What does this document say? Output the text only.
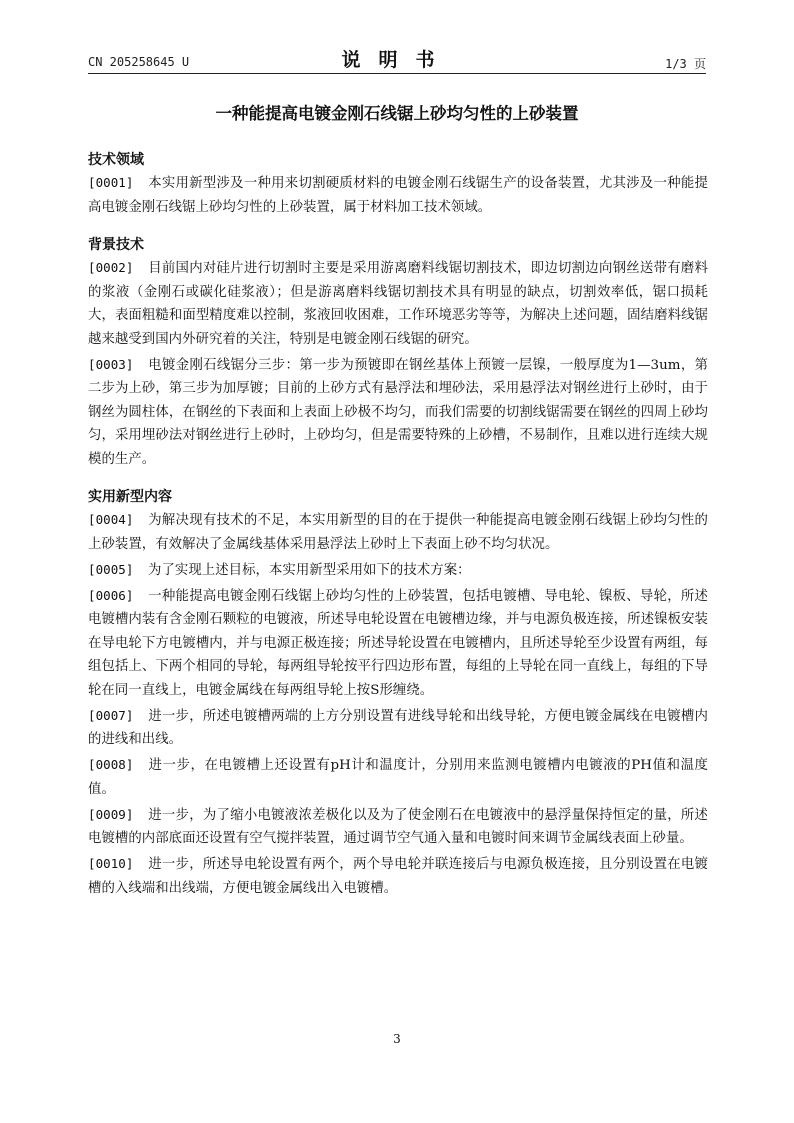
CN 205258645 U	说明书	1/3 页
一种能提高电镀金刚石线锯上砂均匀性的上砂装置
技术领域

[0001] 本实用新型涉及一种用来切割硬质材料的电镀金刚石线锯生产的设备装置，尤其涉及一种能提高电镀金刚石线锯上砂均匀性的上砂装置，属于材料加工技术领域。

背景技术

[0002] 目前国内对硅片进行切割时主要是采用游离磨料线锯切割技术，即边切割边向钢丝送带有磨料的浆液（金刚石或碳化硅浆液）；但是游离磨料线锯切割技术具有明显的缺点，切割效率低，锯口损耗大，表面粗糙和面型精度难以控制，浆液回收困难，工作环境恶劣等等，为解决上述问题，固结磨料线锯越来越受到国内外研究着的关注，特别是电镀金刚石线锯的研究。

[0003] 电镀金刚石线锯分三步：第一步为预镀即在钢丝基体上预镀一层镍，一般厚度为1—3um，第二步为上砂，第三步为加厚镀；目前的上砂方式有悬浮法和埋砂法，采用悬浮法对钢丝进行上砂时，由于钢丝为圆柱体，在钢丝的下表面和上表面上砂极不均匀，而我们需要的切割线锯需要在钢丝的四周上砂均匀，采用埋砂法对钢丝进行上砂时，上砂均匀，但是需要特殊的上砂槽，不易制作，且难以进行连续大规模的生产。

实用新型内容

[0004] 为解决现有技术的不足，本实用新型的目的在于提供一种能提高电镀金刚石线锯上砂均匀性的上砂装置，有效解决了金属线基体采用悬浮法上砂时上下表面上砂不均匀状况。

[0005] 为了实现上述目标，本实用新型采用如下的技术方案：

[0006] 一种能提高电镀金刚石线锯上砂均匀性的上砂装置，包括电镀槽、导电轮、镍板、导轮，所述电镀槽内装有含金刚石颗粒的电镀液，所述导电轮设置在电镀槽边缘，并与电源负极连接，所述镍板安装在导电轮下方电镀槽内，并与电源正极连接；所述导轮设置在电镀槽内，且所述导轮至少设置有两组，每组包括上、下两个相同的导轮，每两组导轮按平行四边形布置，每组的上导轮在同一直线上，每组的下导轮在同一直线上，电镀金属线在每两组导轮上按S形缠绕。

[0007] 进一步，所述电镀槽两端的上方分别设置有进线导轮和出线导轮，方便电镀金属线在电镀槽内的进线和出线。

[0008] 进一步，在电镀槽上还设置有pH计和温度计，分别用来监测电镀槽内电镀液的PH值和温度值。

[0009] 进一步，为了缩小电镀液浓差极化以及为了使金刚石在电镀液中的悬浮量保持恒定的量，所述电镀槽的内部底面还设置有空气搅拌装置，通过调节空气通入量和电镀时间来调节金属线表面上砂量。

[0010] 进一步，所述导电轮设置有两个，两个导电轮并联连接后与电源负极连接，且分别设置在电镀槽的入线端和出线端，方便电镀金属线出入电镀槽。

3
